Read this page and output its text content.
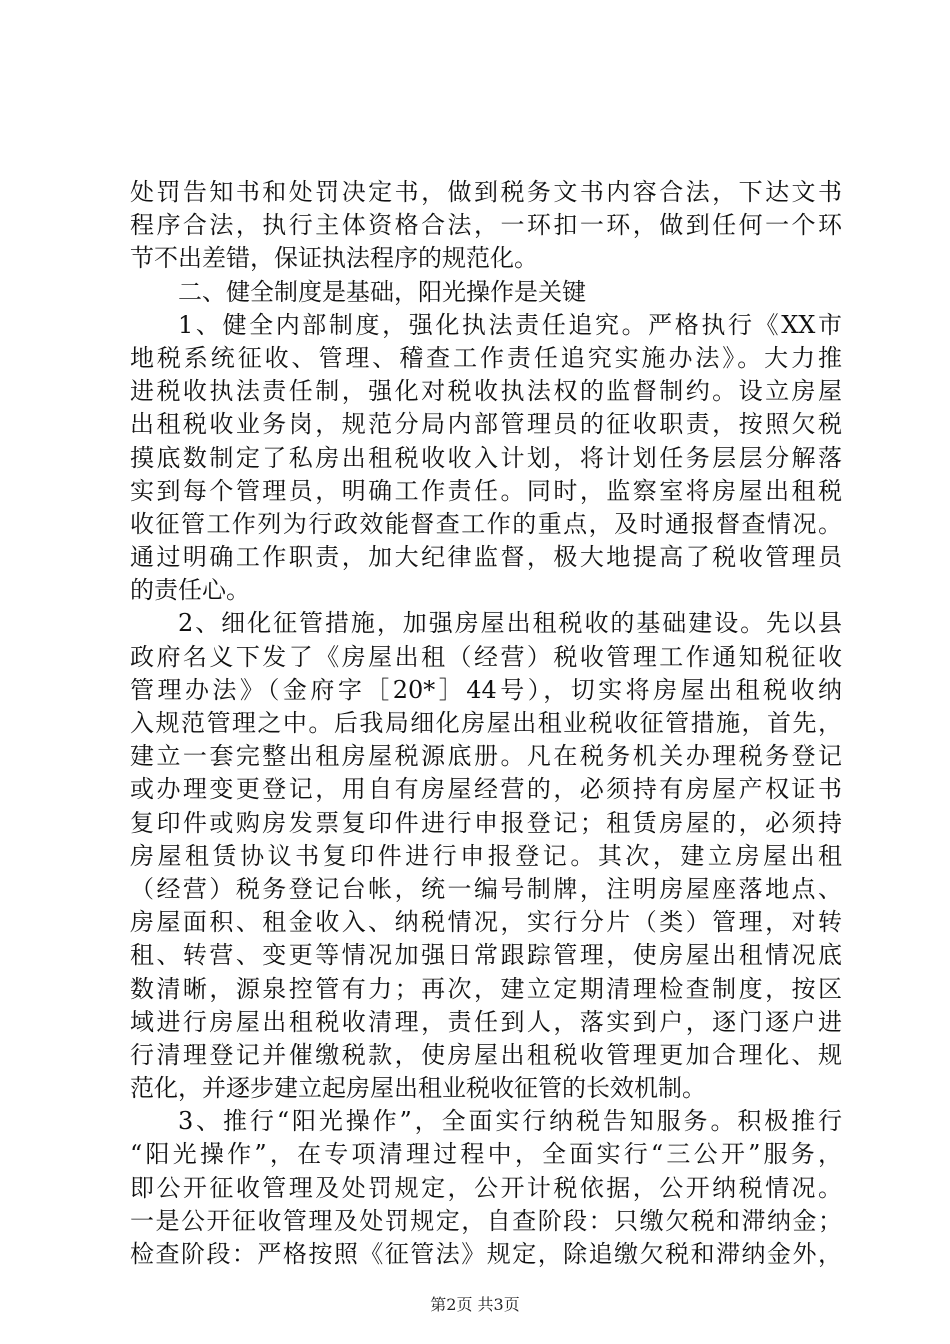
处罚告知书和处罚决定书，做到税务文书内容合法，下达文书
程序合法，执行主体资格合法，一环扣一环，做到任何一个环
节不出差错，保证执法程序的规范化。
二、健全制度是基础，阳光操作是关键
1、健全内部制度，强化执法责任追究。严格执行《XX市
地税系统征收、管理、稽查工作责任追究实施办法》。大力推
进税收执法责任制，强化对税收执法权的监督制约。设立房屋
出租税收业务岗，规范分局内部管理员的征收职责，按照欠税
摸底数制定了私房出租税收收入计划，将计划任务层层分解落
实到每个管理员，明确工作责任。同时，监察室将房屋出租税
收征管工作列为行政效能督查工作的重点，及时通报督查情况。
通过明确工作职责，加大纪律监督，极大地提高了税收管理员
的责任心。
2、细化征管措施，加强房屋出租税收的基础建设。先以县
政府名义下发了《房屋出租（经营）税收管理工作通知税征收
管理办法》（金府字［20*］44号），切实将房屋出租税收纳
入规范管理之中。后我局细化房屋出租业税收征管措施，首先，
建立一套完整出租房屋税源底册。凡在税务机关办理税务登记
或办理变更登记，用自有房屋经营的，必须持有房屋产权证书
复印件或购房发票复印件进行申报登记；租赁房屋的，必须持
房屋租赁协议书复印件进行申报登记。其次，建立房屋出租
（经营）税务登记台帐，统一编号制牌，注明房屋座落地点、
房屋面积、租金收入、纳税情况，实行分片（类）管理，对转
租、转营、变更等情况加强日常跟踪管理，使房屋出租情况底
数清晰，源泉控管有力；再次，建立定期清理检查制度，按区
域进行房屋出租税收清理，责任到人，落实到户，逐门逐户进
行清理登记并催缴税款，使房屋出租税收管理更加合理化、规
范化，并逐步建立起房屋出租业税收征管的长效机制。
3、推行“阳光操作”，全面实行纳税告知服务。积极推行
“阳光操作”，在专项清理过程中，全面实行“三公开”服务，
即公开征收管理及处罚规定，公开计税依据，公开纳税情况。
一是公开征收管理及处罚规定，自查阶段：只缴欠税和滞纳金；
检查阶段：严格按照《征管法》规定，除追缴欠税和滞纳金外，
第2页 共3页
